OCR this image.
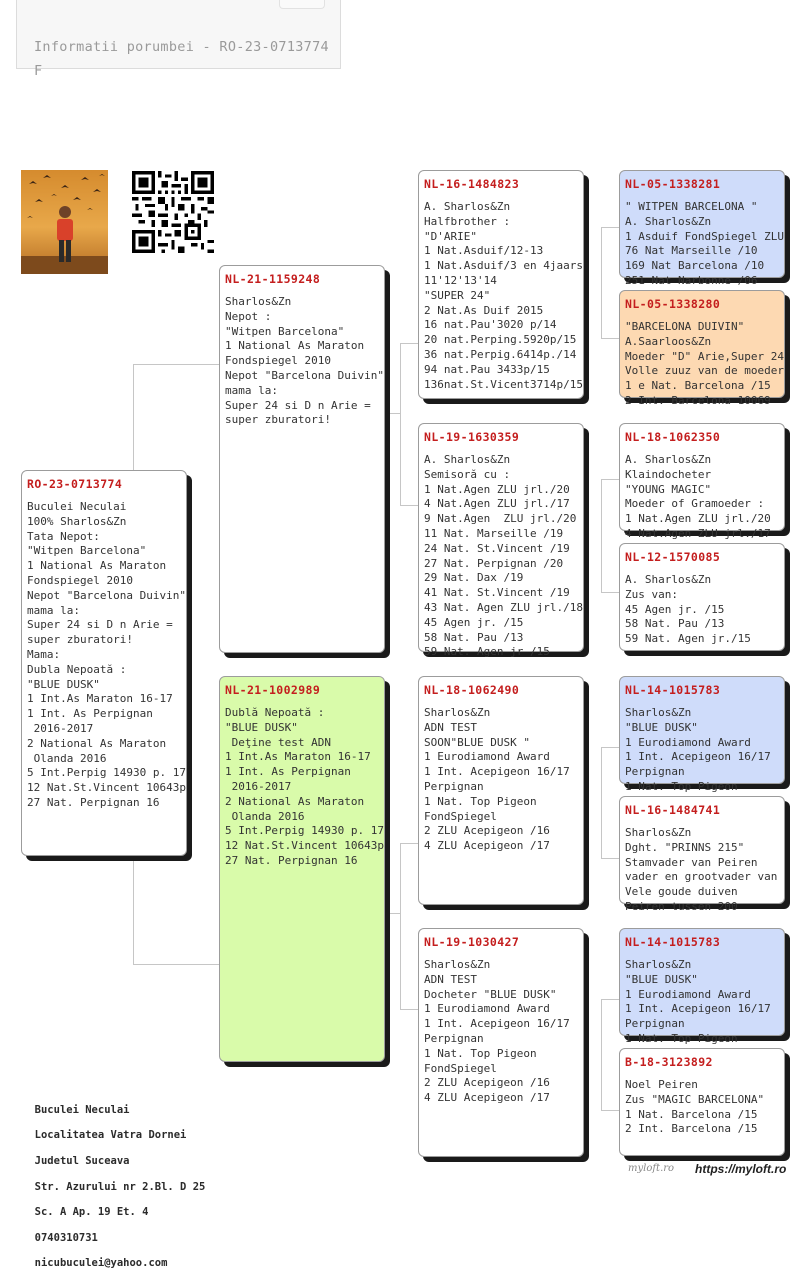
Informatii porumbei - RO-23-0713774 F
RO-23-0713774
Buculei Neculai
100% Sharlos&Zn
Tata Nepot:
"Witpen Barcelona"
1 National As Maraton
Fondspiegel 2010
Nepot "Barcelona Duivin"
mama la:
Super 24 si D n Arie =
super zburatori!
Mama:
Dubla Nepoată :
"BLUE DUSK"
1 Int.As Maraton 16-17
1 Int. As Perpignan
2016-2017
2 National As Maraton
Olanda 2016
5 Int.Perpig 14930 p. 17
12 Nat.St.Vincent 10643p
27 Nat. Perpignan 16
NL-21-1159248
Sharlos&Zn
Nepot :
"Witpen Barcelona"
1 National As Maraton
Fondspiegel 2010
Nepot "Barcelona Duivin"
mama la:
Super 24 si D n Arie =
super zburatori!
NL-21-1002989
Dublă Nepoată :
"BLUE DUSK"
Deţine test ADN
1 Int.As Maraton 16-17
1 Int. As Perpignan
2016-2017
2 National As Maraton
Olanda 2016
5 Int.Perpig 14930 p. 17
12 Nat.St.Vincent 10643p
27 Nat. Perpignan 16
NL-16-1484823
A. Sharlos&Zn
Halfbrother :
"D'ARIE"
1 Nat.Asduif/12-13
1 Nat.Asduif/3 en 4jaars
11'12'13'14
"SUPER 24"
2 Nat.As Duif 2015
16 nat.Pau'3020 p/14
20 nat.Perping.5920p/15
36 nat.Perpig.6414p./14
94 nat.Pau 3433p/15
136nat.St.Vicent3714p/15
NL-19-1630359
A. Sharlos&Zn
Semisoră cu :
1 Nat.Agen ZLU jrl./20
4 Nat.Agen ZLU jrl./17
9 Nat.Agen  ZLU jrl./20
11 Nat. Marseille /19
24 Nat. St.Vincent /19
27 Nat. Perpignan /20
29 Nat. Dax /19
41 Nat. St.Vincent /19
43 Nat. Agen ZLU jrl./18
45 Agen jr. /15
58 Nat. Pau /13
59 Nat. Agen jr /15
NL-18-1062490
Sharlos&Zn
ADN TEST
SOON"BLUE DUSK "
1 Eurodiamond Award
1 Int. Acepigeon 16/17
Perpignan
1 Nat. Top Pigeon
FondSpiegel
2 ZLU Acepigeon /16
4 ZLU Acepigeon /17
NL-19-1030427
Sharlos&Zn
ADN TEST
Docheter "BLUE DUSK"
1 Eurodiamond Award
1 Int. Acepigeon 16/17
Perpignan
1 Nat. Top Pigeon
FondSpiegel
2 ZLU Acepigeon /16
4 ZLU Acepigeon /17
NL-05-1338281
" WITPEN BARCELONA "
A. Sharlos&Zn
1 Asduif FondSpiegel ZLU
76 Nat Marseille /10
169 Nat Barcelona /10
251 Nat Narbonne /06
NL-05-1338280
"BARCELONA DUIVIN"
A.Saarloos&Zn
Moeder "D" Arie,Super 24
Volle zuuz van de moeder
1 e Nat. Barcelona /15
2 Int. Barcelona 10069
NL-18-1062350
A. Sharlos&Zn
Klaindocheter
"YOUNG MAGIC"
Moeder of Gramoeder :
1 Nat.Agen ZLU jrl./20
4 Nat.Agen ZLU jrl./17
NL-12-1570085
A. Sharlos&Zn
Zus van:
45 Agen jr. /15
58 Nat. Pau /13
59 Nat. Agen jr./15
NL-14-1015783
Sharlos&Zn
"BLUE DUSK"
1 Eurodiamond Award
1 Int. Acepigeon 16/17
Perpignan
1 Nat. Top Pigeon
NL-16-1484741
Sharlos&Zn
Dght. "PRINNS 215"
Stamvader van Peiren
vader en grootvader van
Vele goude duiven
Peiren tussen 200
NL-14-1015783
Sharlos&Zn
"BLUE DUSK"
1 Eurodiamond Award
1 Int. Acepigeon 16/17
Perpignan
1 Nat. Top Pigeon
B-18-3123892
Noel Peiren
Zus "MAGIC BARCELONA"
1 Nat. Barcelona /15
2 Int. Barcelona /15

Buculei Neculai

Localitatea Vatra Dornei

Judetul Suceava

Str. Azurului nr 2.Bl. D 25

Sc. A Ap. 19 Et. 4

0740310731

nicubuculei@yahoo.com

myloft.ro https://myloft.ro
